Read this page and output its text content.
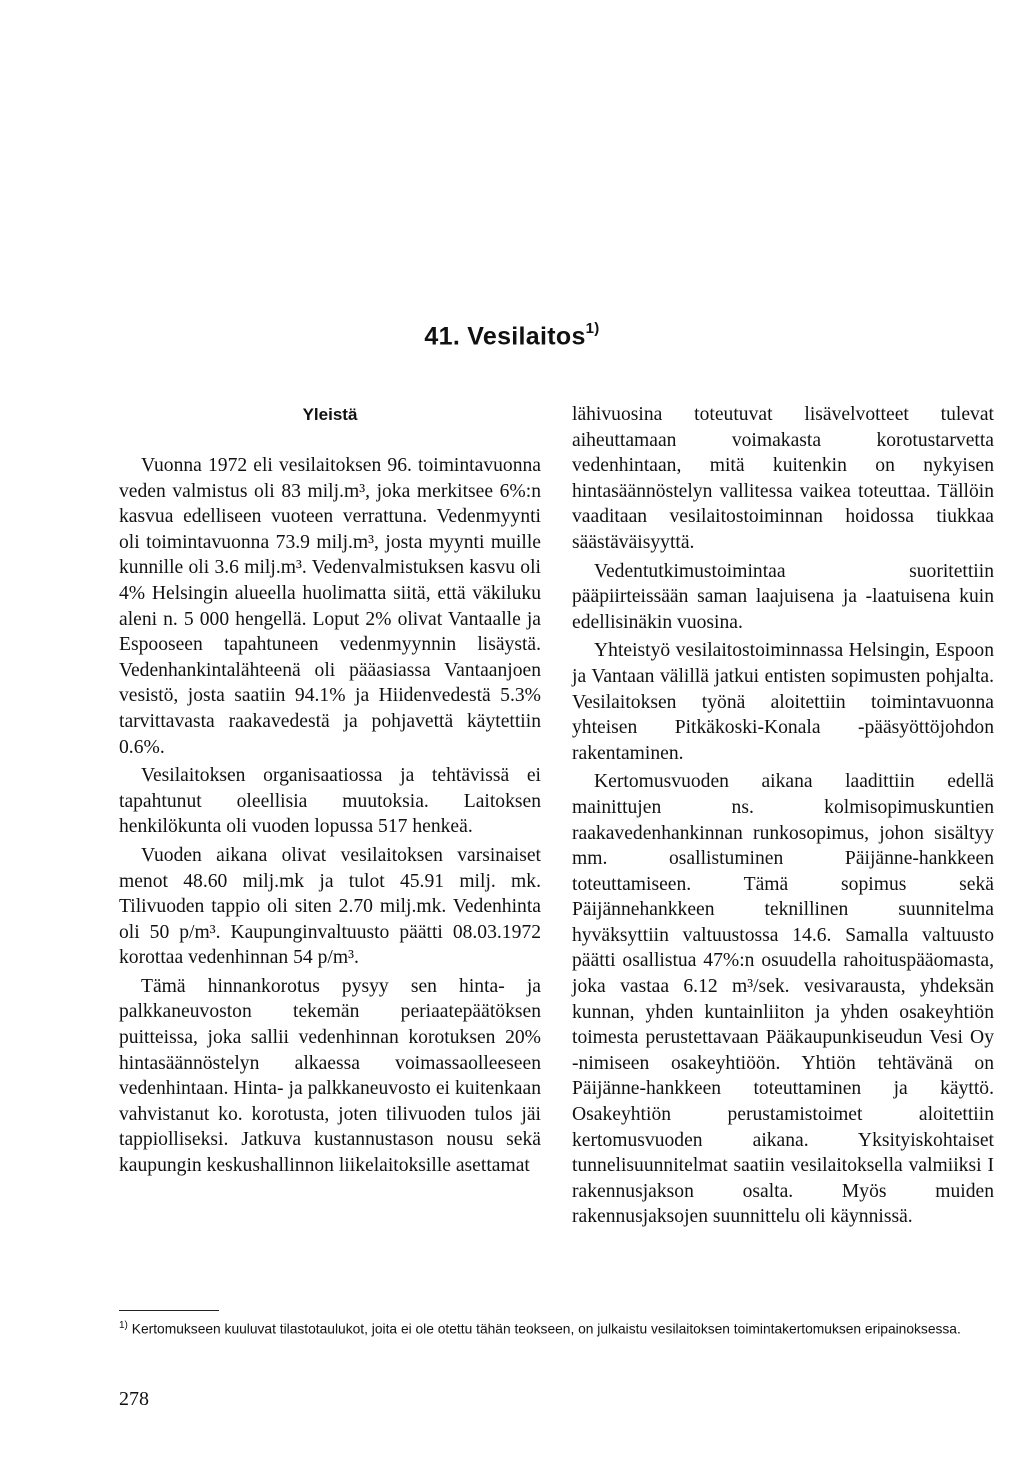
41. Vesilaitos$^{1)}$
Yleistä

Vuonna 1972 eli vesilaitoksen 96. toimintavuonna veden valmistus oli 83 milj.m³, joka merkitsee 6%:n kasvua edelliseen vuoteen verrattuna. Vedenmyynti oli toimintavuonna 73.9 milj.m³, josta myynti muille kunnille oli 3.6 milj.m³. Vedenvalmistuksen kasvu oli 4% Helsingin alueella huolimatta siitä, että väkiluku aleni n. 5 000 hengellä. Loput 2% olivat Vantaalle ja Espooseen tapahtuneen vedenmyynnin lisäystä. Vedenhankintalähteenä oli pääasiassa Vantaanjoen vesistö, josta saatiin 94.1% ja Hiidenvedestä 5.3% tarvittavasta raakavedestä ja pohjavettä käytettiin 0.6%.

Vesilaitoksen organisaatiossa ja tehtävissä ei tapahtunut oleellisia muutoksia. Laitoksen henkilökunta oli vuoden lopussa 517 henkeä.

Vuoden aikana olivat vesilaitoksen varsinaiset menot 48.60 milj.mk ja tulot 45.91 milj. mk. Tilivuoden tappio oli siten 2.70 milj.mk. Vedenhinta oli 50 p/m³. Kaupunginvaltuusto päätti 08.03.1972 korottaa vedenhinnan 54 p/m³.

Tämä hinnankorotus pysyy sen hinta- ja palkkaneuvoston tekemän periaatepäätöksen puitteissa, joka sallii vedenhinnan korotuksen 20% hintasäännöstelyn alkaessa voimassaolleeseen vedenhintaan. Hinta- ja palkkaneuvosto ei kuitenkaan vahvistanut ko. korotusta, joten tilivuoden tulos jäi tappiolliseksi. Jatkuva kustannustason nousu sekä kaupungin keskushallinnon liikelaitoksille asettamat

lähivuosina toteutuvat lisävelvotteet tulevat aiheuttamaan voimakasta korotustarvetta vedenhintaan, mitä kuitenkin on nykyisen hintasäännöstelyn vallitessa vaikea toteuttaa. Tällöin vaaditaan vesilaitostoiminnan hoidossa tiukkaa säästäväisyyttä.

Vedentutkimustoimintaa suoritettiin pääpiirteissään saman laajuisena ja -laatuisena kuin edellisinäkin vuosina.

Yhteistyö vesilaitostoiminnassa Helsingin, Espoon ja Vantaan välillä jatkui entisten sopimusten pohjalta. Vesilaitoksen työnä aloitettiin toimintavuonna yhteisen Pitkäkoski-Konala -pääsyöttöjohdon rakentaminen.

Kertomusvuoden aikana laadittiin edellä mainittujen ns. kolmisopimuskuntien raakavedenhankinnan runkosopimus, johon sisältyy mm. osallistuminen Päijänne-hankkeen toteuttamiseen. Tämä sopimus sekä Päijännehankkeen teknillinen suunnitelma hyväksyttiin valtuustossa 14.6. Samalla valtuusto päätti osallistua 47%:n osuudella rahoituspääomasta, joka vastaa 6.12 m³/sek. vesivarausta, yhdeksän kunnan, yhden kuntainliiton ja yhden osakeyhtiön toimesta perustettavaan Pääkaupunkiseudun Vesi Oy -nimiseen osakeyhtiöön. Yhtiön tehtävänä on Päijänne-hankkeen toteuttaminen ja käyttö. Osakeyhtiön perustamistoimet aloitettiin kertomusvuoden aikana. Yksityiskohtaiset tunnelisuunnitelmat saatiin vesilaitoksella valmiiksi I rakennusjakson osalta. Myös muiden rakennusjaksojen suunnittelu oli käynnissä.

$^{1)}$ Kertomukseen kuuluvat tilastotaulukot, joita ei ole otettu tähän teokseen, on julkaistu vesilaitoksen toimintakertomuksen eripainoksessa.
278
